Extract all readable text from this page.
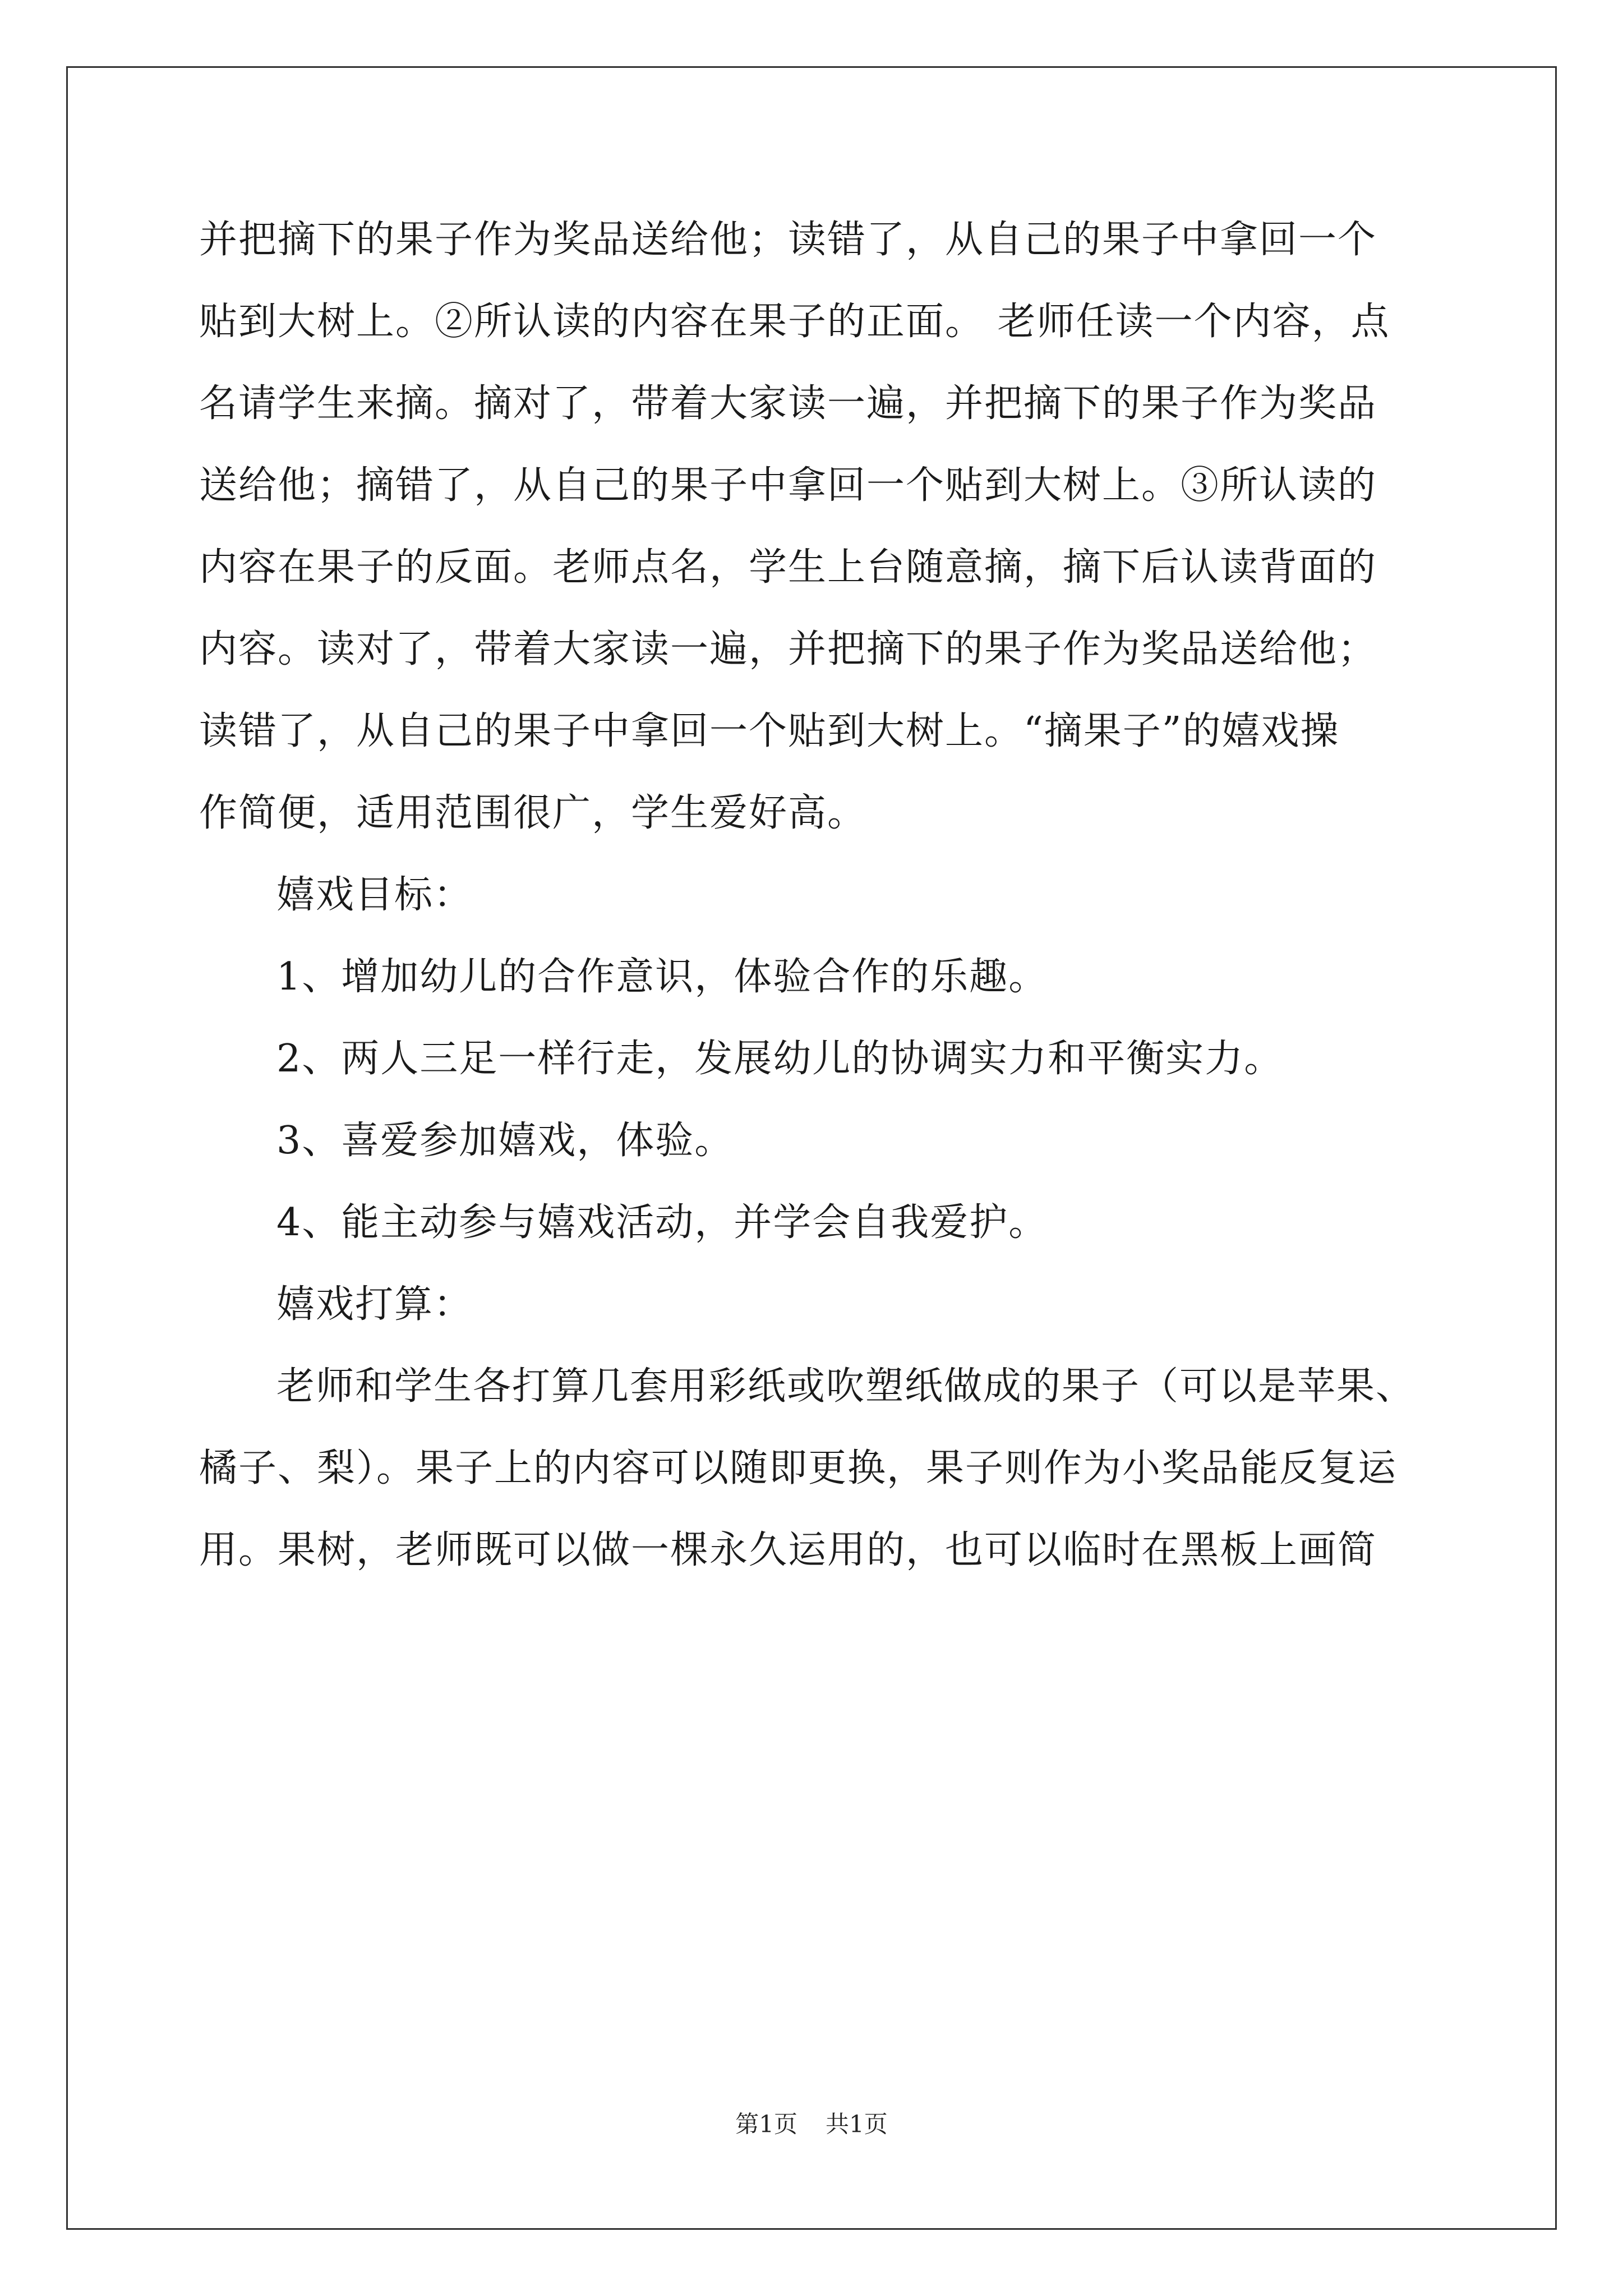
并把摘下的果子作为奖品送给他；读错了，从自己的果子中拿回一个
贴到大树上。②所认读的内容在果子的正面。 老师任读一个内容，点
名请学生来摘。摘对了，带着大家读一遍，并把摘下的果子作为奖品
送给他；摘错了，从自己的果子中拿回一个贴到大树上。③所认读的
内容在果子的反面。老师点名，学生上台随意摘，摘下后认读背面的
内容。读对了，带着大家读一遍，并把摘下的果子作为奖品送给他；
读错了，从自己的果子中拿回一个贴到大树上。“摘果子”的嬉戏操
作简便，适用范围很广，学生爱好高。
嬉戏目标：
1、增加幼儿的合作意识，体验合作的乐趣。
2、两人三足一样行走，发展幼儿的协调实力和平衡实力。
3、喜爱参加嬉戏，体验。
4、能主动参与嬉戏活动，并学会自我爱护。
嬉戏打算：
老师和学生各打算几套用彩纸或吹塑纸做成的果子（可以是苹果、
橘子、梨）。果子上的内容可以随即更换，果子则作为小奖品能反复运
用。果树，老师既可以做一棵永久运用的，也可以临时在黑板上画简
第1页 共1页
